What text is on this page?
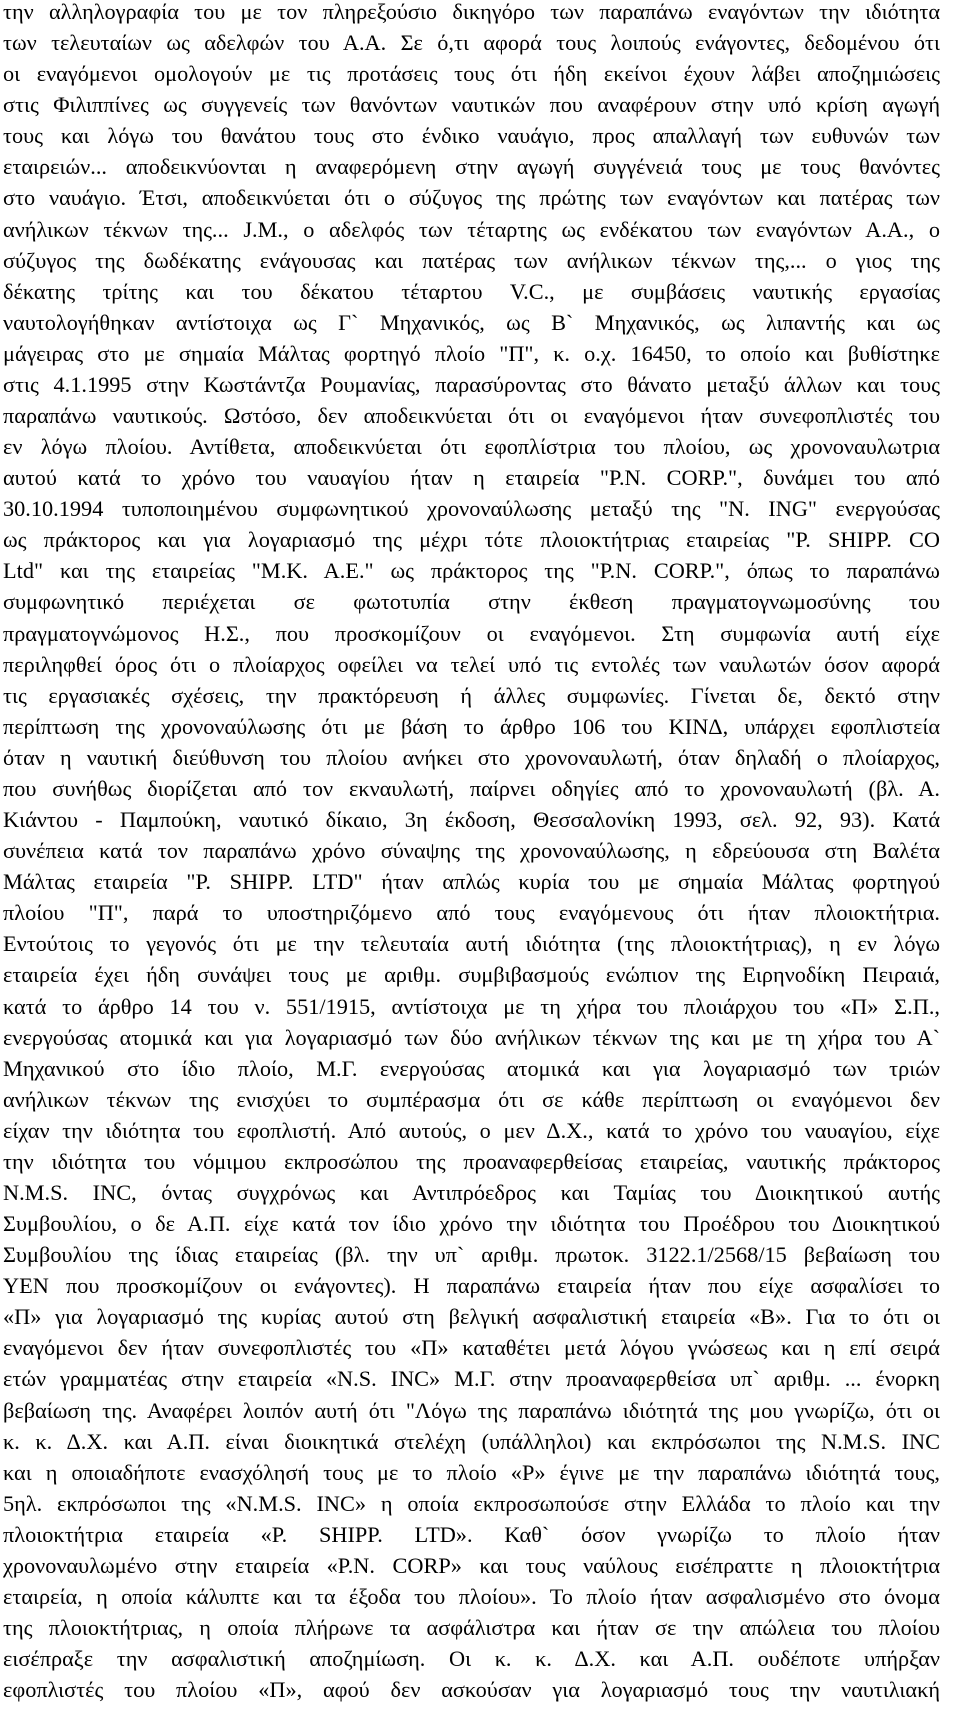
την αλληλογραφία του με τον πληρεξούσιο δικηγόρο των παραπάνω εναγόντων την ιδιότητα
των τελευταίων ως αδελφών του Α.Α. Σε ό,τι αφορά τους λοιπούς ενάγοντες, δεδομένου ότι
οι εναγόμενοι ομολογούν με τις προτάσεις τους ότι ήδη εκείνοι έχουν λάβει αποζημιώσεις
στις Φιλιππίνες ως συγγενείς των θανόντων ναυτικών που αναφέρουν στην υπό κρίση αγωγή
τους και λόγω του θανάτου τους στο ένδικο ναυάγιο, προς απαλλαγή των ευθυνών των
εταιρειών... αποδεικνύονται η αναφερόμενη στην αγωγή συγγένειά τους με τους θανόντες
στο ναυάγιο. Έτσι, αποδεικνύεται ότι ο σύζυγος της πρώτης των εναγόντων και πατέρας των
ανήλικων τέκνων της... J.M., ο αδελφός των τέταρτης ως ενδέκατου των εναγόντων Α.Α., ο
σύζυγος της δωδέκατης ενάγουσας και πατέρας των ανήλικων τέκνων της,... ο γιος της
δέκατης τρίτης και του δέκατου τέταρτου V.C., με συμβάσεις ναυτικής εργασίας
ναυτολογήθηκαν αντίστοιχα ως Γ` Μηχανικός, ως Β` Μηχανικός, ως λιπαντής και ως
μάγειρας στο με σημαία Μάλτας φορτηγό πλοίο "Π", κ. ο.χ. 16450, το οποίο και βυθίστηκε
στις 4.1.1995 στην Κωστάντζα Ρουμανίας, παρασύροντας στο θάνατο μεταξύ άλλων και τους
παραπάνω ναυτικούς. Ωστόσο, δεν αποδεικνύεται ότι οι εναγόμενοι ήταν συνεφοπλιστές του
εν λόγω πλοίου. Αντίθετα, αποδεικνύεται ότι εφοπλίστρια του πλοίου, ως χρονοναυλωτρια
αυτού κατά το χρόνο του ναυαγίου ήταν η εταιρεία "P.N. CORP.", δυνάμει του από
30.10.1994 τυποποιημένου συμφωνητικού χρονοναύλωσης μεταξύ της "N. ING" ενεργούσας
ως πράκτορος και για λογαριασμό της μέχρι τότε πλοιοκτήτριας εταιρείας "P. SHIPP. CO
Ltd" και της εταιρείας "Μ.Κ. Α.Ε." ως πράκτορος της "P.N. CORP.", όπως το παραπάνω
συμφωνητικό περιέχεται σε φωτοτυπία στην έκθεση πραγματογνωμοσύνης του
πραγματογνώμονος Η.Σ., που προσκομίζουν οι εναγόμενοι. Στη συμφωνία αυτή είχε
περιληφθεί όρος ότι ο πλοίαρχος οφείλει να τελεί υπό τις εντολές των ναυλωτών όσον αφορά
τις εργασιακές σχέσεις, την πρακτόρευση ή άλλες συμφωνίες. Γίνεται δε, δεκτό στην
περίπτωση της χρονοναύλωσης ότι με βάση το άρθρο 106 του ΚΙΝΔ, υπάρχει εφοπλιστεία
όταν η ναυτική διεύθυνση του πλοίου ανήκει στο χρονοναυλωτή, όταν δηλαδή ο πλοίαρχος,
που συνήθως διορίζεται από τον εκναυλωτή, παίρνει οδηγίες από το χρονοναυλωτή (βλ. Α.
Κιάντου - Παμπούκη, ναυτικό δίκαιο, 3η έκδοση, Θεσσαλονίκη 1993, σελ. 92, 93). Κατά
συνέπεια κατά τον παραπάνω χρόνο σύναψης της χρονοναύλωσης, η εδρεύουσα στη Βαλέτα
Μάλτας εταιρεία "P. SHIPP. LTD" ήταν απλώς κυρία του με σημαία Μάλτας φορτηγού
πλοίου "Π", παρά το υποστηριζόμενο από τους εναγόμενους ότι ήταν πλοιοκτήτρια.
Εντούτοις το γεγονός ότι με την τελευταία αυτή ιδιότητα (της πλοιοκτήτριας), η εν λόγω
εταιρεία έχει ήδη συνάψει τους με αριθμ. συμβιβασμούς ενώπιον της Ειρηνοδίκη Πειραιά,
κατά το άρθρο 14 του ν. 551/1915, αντίστοιχα με τη χήρα του πλοιάρχου του «Π» Σ.Π.,
ενεργούσας ατομικά και για λογαριασμό των δύο ανήλικων τέκνων της και με τη χήρα του Α`
Μηχανικού στο ίδιο πλοίο, Μ.Γ. ενεργούσας ατομικά και για λογαριασμό των τριών
ανήλικων τέκνων της ενισχύει το συμπέρασμα ότι σε κάθε περίπτωση οι εναγόμενοι δεν
είχαν την ιδιότητα του εφοπλιστή. Από αυτούς, ο μεν Δ.Χ., κατά το χρόνο του ναυαγίου, είχε
την ιδιότητα του νόμιμου εκπροσώπου της προαναφερθείσας εταιρείας, ναυτικής πράκτορος
N.M.S. INC, όντας συγχρόνως και Αντιπρόεδρος και Ταμίας του Διοικητικού αυτής
Συμβουλίου, ο δε Α.Π. είχε κατά τον ίδιο χρόνο την ιδιότητα του Προέδρου του Διοικητικού
Συμβουλίου της ίδιας εταιρείας (βλ. την υπ` αριθμ. πρωτοκ. 3122.1/2568/15 βεβαίωση του
ΥΕΝ που προσκομίζουν οι ενάγοντες). Η παραπάνω εταιρεία ήταν που είχε ασφαλίσει το
«Π» για λογαριασμό της κυρίας αυτού στη βελγική ασφαλιστική εταιρεία «Β». Για το ότι οι
εναγόμενοι δεν ήταν συνεφοπλιστές του «Π» καταθέτει μετά λόγου γνώσεως και η επί σειρά
ετών γραμματέας στην εταιρεία «N.S. INC» Μ.Γ. στην προαναφερθείσα υπ` αριθμ. ... ένορκη
βεβαίωση της. Αναφέρει λοιπόν αυτή ότι "Λόγω της παραπάνω ιδιότητά της μου γνωρίζω, ότι οι
κ. κ. Δ.Χ. και Α.Π. είναι διοικητικά στελέχη (υπάλληλοι) και εκπρόσωποι της N.M.S. INC
και η οποιαδήποτε ενασχόλησή τους με το πλοίο «Ρ» έγινε με την παραπάνω ιδιότητά τους,
5ηλ. εκπρόσωποι της «N.M.S. INC» η οποία εκπροσωπούσε στην Ελλάδα το πλοίο και την
πλοιοκτήτρια εταιρεία «P. SHIPP. LTD». Καθ` όσον γνωρίζω το πλοίο ήταν
χρονοναυλωμένο στην εταιρεία «P.N. CORP» και τους ναύλους εισέπραττε η πλοιοκτήτρια
εταιρεία, η οποία κάλυπτε και τα έξοδα του πλοίου». Το πλοίο ήταν ασφαλισμένο στο όνομα
της πλοιοκτήτριας, η οποία πλήρωνε τα ασφάλιστρα και ήταν σε την απώλεια του πλοίου
εισέπραξε την ασφαλιστική αποζημίωση. Οι κ. κ. Δ.Χ. και Α.Π. ουδέποτε υπήρξαν
εφοπλιστές του πλοίου «Π», αφού δεν ασκούσαν για λογαριασμό τους την ναυτιλιακή
